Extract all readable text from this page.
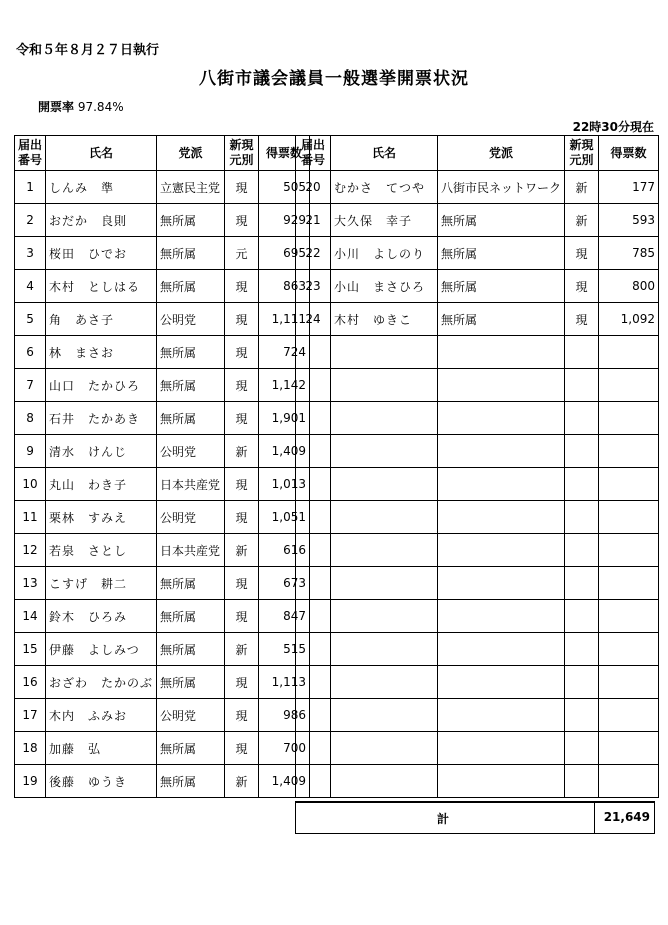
令和５年８月２７日執行
八街市議会議員一般選挙開票状況
開票率 97.84%
22時30分現在
届出
番号	氏名	党派	新現
元別	得票数
1	しんみ　準	立憲民主党	現	505
2	おだか　良則	無所属	現	929
3	桜田　ひでお	無所属	元	695
4	木村　としはる	無所属	現	863
5	角　あさ子	公明党	現	1,111
6	林　まさお	無所属	現	724
7	山口　たかひろ	無所属	現	1,142
8	石井　たかあき	無所属	現	1,901
9	清水　けんじ	公明党	新	1,409
10	丸山　わき子	日本共産党	現	1,013
11	栗林　すみえ	公明党	現	1,051
12	若泉　さとし	日本共産党	新	616
13	こすげ　耕二	無所属	現	673
14	鈴木　ひろみ	無所属	現	847
15	伊藤　よしみつ	無所属	新	515
16	おざわ　たかのぶ	無所属	現	1,113
17	木内　ふみお	公明党	現	986
18	加藤　弘	無所属	現	700
19	後藤　ゆうき	無所属	新	1,409
届出
番号	氏名	党派	新現
元別	得票数
20	むかさ　てつや	八街市民ネットワーク	新	177
21	大久保　幸子	無所属	新	593
22	小川　よしのり	無所属	現	785
23	小山　まさひろ	無所属	現	800
24	木村　ゆきこ	無所属	現	1,092

計	21,649
